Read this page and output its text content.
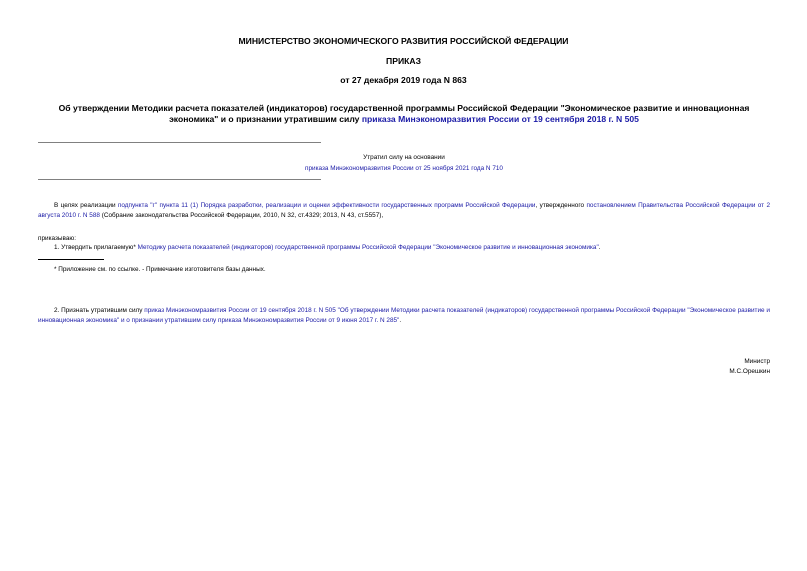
МИНИСТЕРСТВО ЭКОНОМИЧЕСКОГО РАЗВИТИЯ РОССИЙСКОЙ ФЕДЕРАЦИИ
ПРИКАЗ
от 27 декабря 2019 года N 863
Об утверждении Методики расчета показателей (индикаторов) государственной программы Российской Федерации "Экономическое развитие и инновационная экономика" и о признании утратившим силу приказа Минэкономразвития России от 19 сентября 2018 г. N 505
Утратил силу на основании
приказа Минэкономразвития России от 25 ноября 2021 года N 710
В целях реализации подпункта "г" пункта 11 (1) Порядка разработки, реализации и оценки эффективности государственных программ Российской Федерации, утвержденного постановлением Правительства Российской Федерации от 2 августа 2010 г. N 588 (Собрание законодательства Российской Федерации, 2010, N 32, ст.4329; 2013, N 43, ст.5557),
приказываю:
1. Утвердить прилагаемую* Методику расчета показателей (индикаторов) государственной программы Российской Федерации "Экономическое развитие и инновационная экономика".
* Приложение см. по ссылке. - Примечание изготовителя базы данных.
2. Признать утратившим силу приказ Минэкономразвития России от 19 сентября 2018 г. N 505 "Об утверждении Методики расчета показателей (индикаторов) государственной программы Российской Федерации "Экономическое развитие и инновационная экономика" и о признании утратившим силу приказа Минэкономразвития России от 9 июня 2017 г. N 285".
Министр
М.С.Орешкин
